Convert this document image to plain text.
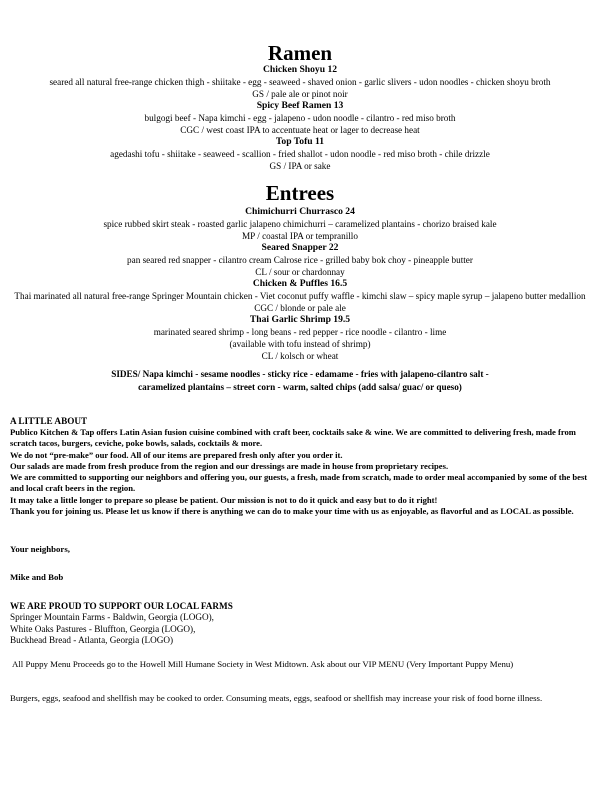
Ramen
Chicken Shoyu 12
seared all natural free-range chicken thigh - shiitake - egg - seaweed - shaved onion - garlic slivers - udon noodles - chicken shoyu broth
GS / pale ale or pinot noir
Spicy Beef Ramen 13
bulgogi beef - Napa kimchi - egg - jalapeno - udon noodle - cilantro - red miso broth
CGC / west coast IPA to accentuate heat or lager to decrease heat
Top Tofu 11
agedashi tofu - shiitake - seaweed - scallion - fried shallot - udon noodle - red miso broth - chile drizzle
GS / IPA or sake
Entrees
Chimichurri Churrasco 24
spice rubbed skirt steak - roasted garlic jalapeno chimichurri – caramelized plantains - chorizo braised kale
MP / coastal IPA or tempranillo
Seared Snapper 22
pan seared red snapper - cilantro cream Calrose rice - grilled baby bok choy - pineapple butter
CL / sour or chardonnay
Chicken & Puffles 16.5
Thai marinated all natural free-range Springer Mountain chicken - Viet coconut puffy waffle - kimchi slaw – spicy maple syrup – jalapeno butter medallion
CGC / blonde or pale ale
Thai Garlic Shrimp 19.5
marinated seared shrimp - long beans - red pepper - rice noodle - cilantro - lime
(available with tofu instead of shrimp)
CL / kolsch or wheat
SIDES/ Napa kimchi - sesame noodles - sticky rice - edamame - fries with jalapeno-cilantro salt -
caramelized plantains – street corn - warm, salted chips (add salsa/ guac/ or queso)
A LITTLE ABOUT

Publico Kitchen & Tap offers Latin Asian fusion cuisine combined with craft beer, cocktails sake & wine. We are committed to delivering fresh, made from scratch tacos, burgers, ceviche, poke bowls, salads, cocktails & more.

We do not “pre-make” our food. All of our items are prepared fresh only after you order it.

Our salads are made from fresh produce from the region and our dressings are made in house from proprietary recipes.

We are committed to supporting our neighbors and offering you, our guests, a fresh, made from scratch, made to order meal accompanied by some of the best and local craft beers in the region.

It may take a little longer to prepare so please be patient. Our mission is not to do it quick and easy but to do it right!

Thank you for joining us. Please let us know if there is anything we can do to make your time with us as enjoyable, as flavorful and as LOCAL as possible.

Your neighbors,
Mike and Bob
WE ARE PROUD TO SUPPORT OUR LOCAL FARMS
Springer Mountain Farms - Baldwin, Georgia (LOGO),
White Oaks Pastures - Bluffton, Georgia (LOGO),
Buckhead Bread - Atlanta, Georgia (LOGO)
All Puppy Menu Proceeds go to the Howell Mill Humane Society in West Midtown. Ask about our VIP MENU (Very Important Puppy Menu)
Burgers, eggs, seafood and shellfish may be cooked to order. Consuming meats, eggs, seafood or shellfish may increase your risk of food borne illness.
